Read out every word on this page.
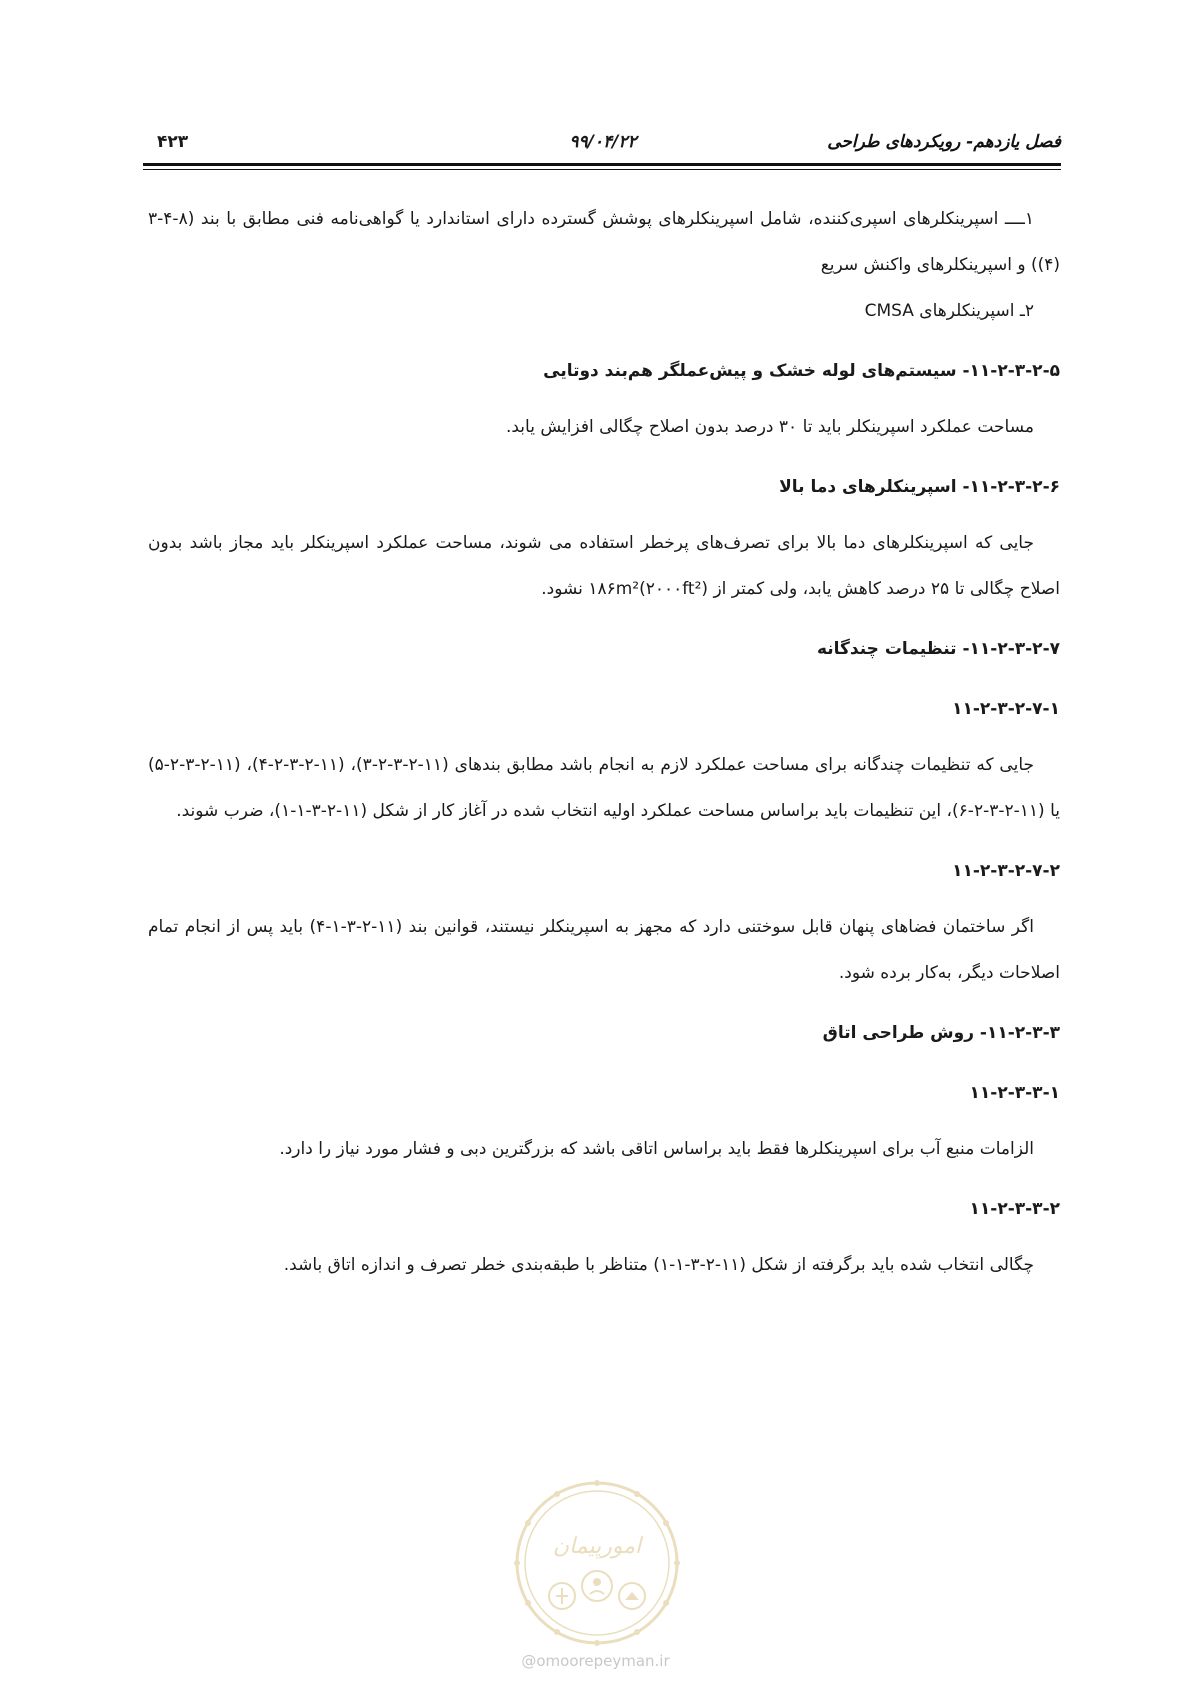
فصل یازدهم- رویکردهای طراحی
۹۹/۰۴/۲۲
۴۲۳

۱ــــ اسپرینکلرهای اسپری‌کننده، شامل اسپرینکلرهای پوشش گسترده دارای استاندارد یا گواهی‌نامه فنی مطابق با بند (۸-۴-۳ (۴)) و اسپرینکلرهای واکنش سریع

۲ـ اسپرینکلرهای CMSA

۱۱-۲-۳-۲-۵- سیستم‌های لوله خشک و پیش‌عملگر هم‌بند دوتایی

مساحت عملکرد اسپرینکلر باید تا ۳۰ درصد بدون اصلاح چگالی افزایش یابد.

۱۱-۲-۳-۲-۶- اسپرینکلرهای دما بالا

جایی که اسپرینکلرهای دما بالا برای تصرف‌های پرخطر استفاده می شوند، مساحت عملکرد اسپرینکلر باید مجاز باشد بدون اصلاح چگالی تا ۲۵ درصد کاهش یابد، ولی کمتر از ۱۸۶m²(۲۰۰۰ft²) نشود.

۱۱-۲-۳-۲-۷- تنظیمات چندگانه

۱۱-۲-۳-۲-۷-۱

جایی که تنظیمات چندگانه برای مساحت عملکرد لازم به انجام باشد مطابق بندهای (۱۱-۲-۳-۲-۳)، (۱۱-۲-۳-۲-۴)، (۱۱-۲-۳-۲-۵) یا (۱۱-۲-۳-۲-۶)، این تنظیمات باید براساس مساحت عملکرد اولیه انتخاب شده در آغاز کار از شکل (۱۱-۲-۳-۱-۱)، ضرب شوند.

۱۱-۲-۳-۲-۷-۲

اگر ساختمان فضاهای پنهان قابل سوختنی دارد که مجهز به اسپرینکلر نیستند، قوانین بند (۱۱-۲-۳-۱-۴) باید پس از انجام تمام اصلاحات دیگر، به‌کار برده شود.

۱۱-۲-۳-۳- روش طراحی اتاق

۱۱-۲-۳-۳-۱

الزامات منبع آب برای اسپرینکلرها فقط باید براساس اتاقی باشد که بزرگترین دبی و فشار مورد نیاز را دارد.

۱۱-۲-۳-۳-۲

چگالی انتخاب شده باید برگرفته از شکل (۱۱-۲-۳-۱-۱) متناظر با طبقه‌بندی خطر تصرف و اندازه اتاق باشد.

امورپیمان
@omoorepeyman.ir
